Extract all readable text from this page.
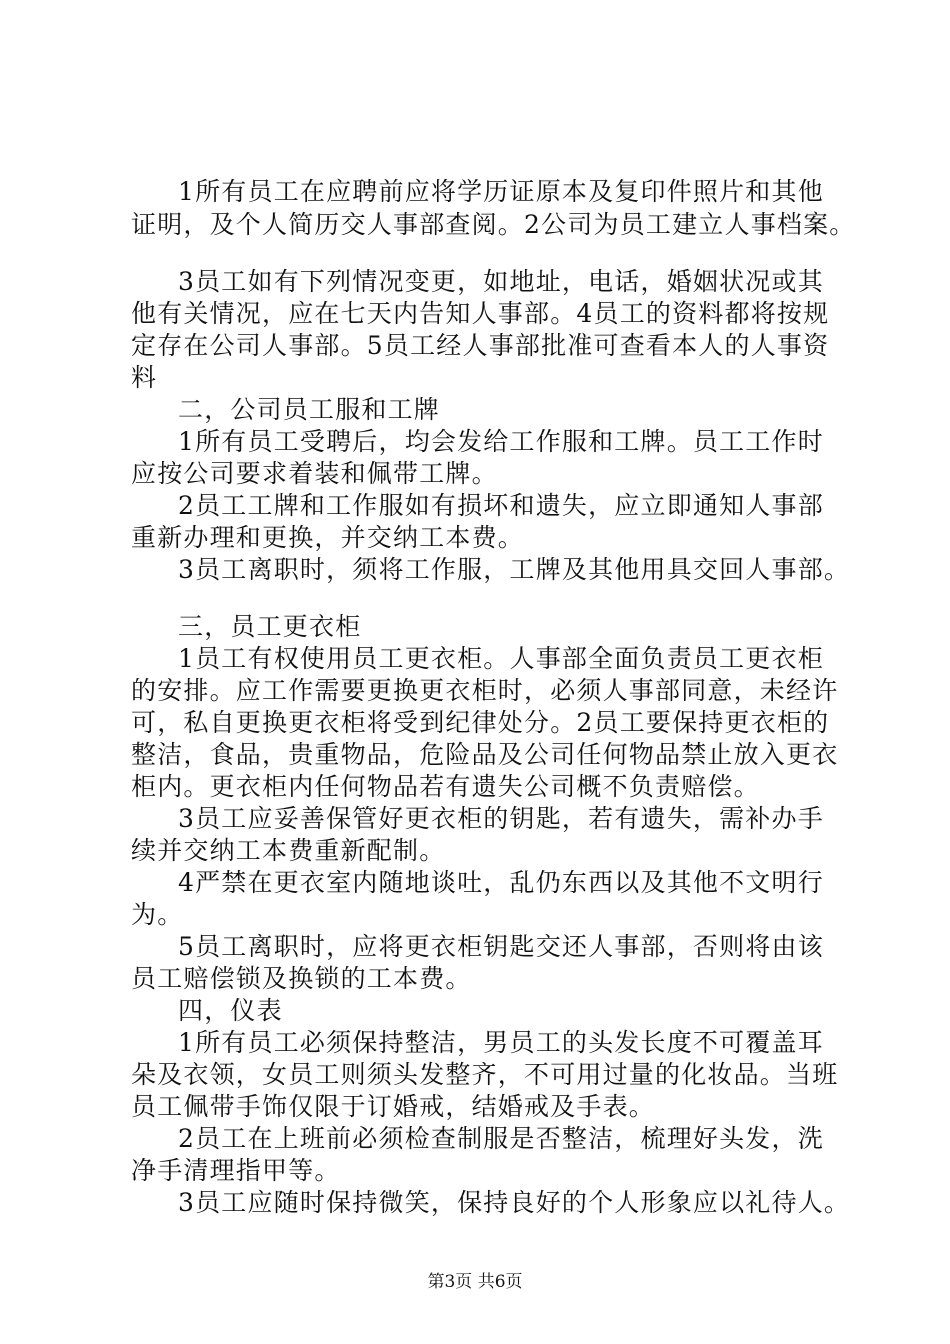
1所有员工在应聘前应将学历证原本及复印件照片和其他
证明，及个人简历交人事部查阅。2公司为员工建立人事档案。
3员工如有下列情况变更，如地址，电话，婚姻状况或其
他有关情况，应在七天内告知人事部。4员工的资料都将按规
定存在公司人事部。5员工经人事部批准可查看本人的人事资
料
二，公司员工服和工牌
1所有员工受聘后，均会发给工作服和工牌。员工工作时
应按公司要求着装和佩带工牌。
2员工工牌和工作服如有损坏和遗失，应立即通知人事部
重新办理和更换，并交纳工本费。
3员工离职时，须将工作服，工牌及其他用具交回人事部。
三，员工更衣柜
1员工有权使用员工更衣柜。人事部全面负责员工更衣柜
的安排。应工作需要更换更衣柜时，必须人事部同意，未经许
可，私自更换更衣柜将受到纪律处分。2员工要保持更衣柜的
整洁，食品，贵重物品，危险品及公司任何物品禁止放入更衣
柜内。更衣柜内任何物品若有遗失公司概不负责赔偿。
3员工应妥善保管好更衣柜的钥匙，若有遗失，需补办手
续并交纳工本费重新配制。
4严禁在更衣室内随地谈吐，乱仍东西以及其他不文明行
为。
5员工离职时，应将更衣柜钥匙交还人事部，否则将由该
员工赔偿锁及换锁的工本费。
四，仪表
1所有员工必须保持整洁，男员工的头发长度不可覆盖耳
朵及衣领，女员工则须头发整齐，不可用过量的化妆品。当班
员工佩带手饰仅限于订婚戒，结婚戒及手表。
2员工在上班前必须检查制服是否整洁，梳理好头发，洗
净手清理指甲等。
3员工应随时保持微笑，保持良好的个人形象应以礼待人。
第3页 共6页
